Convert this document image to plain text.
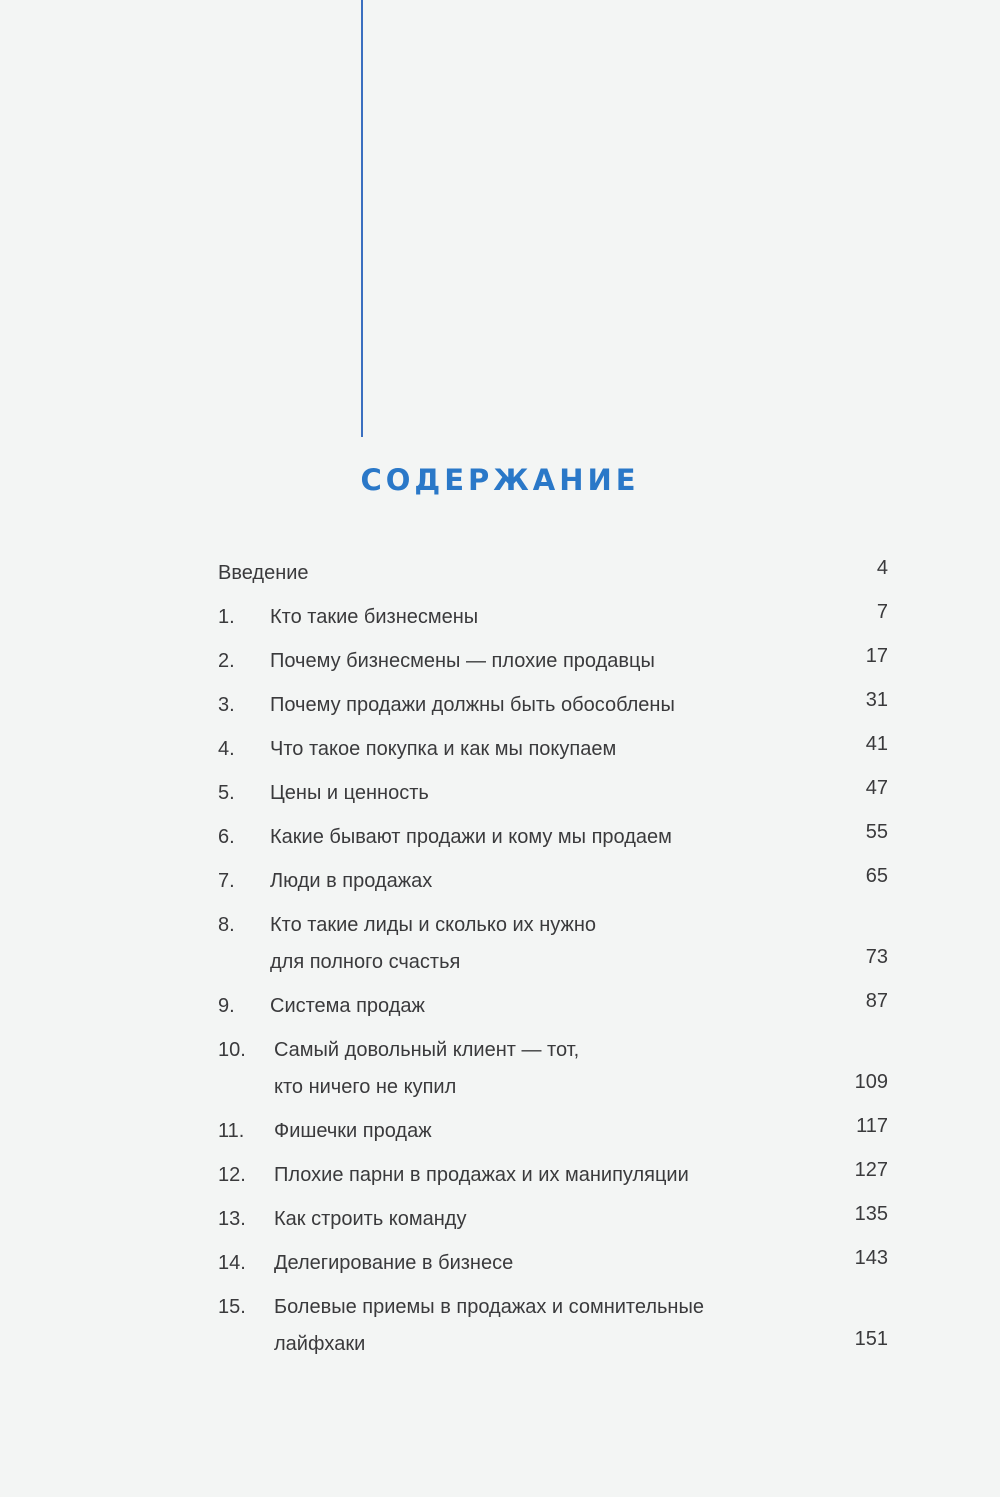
СОДЕРЖАНИЕ
Введение	4
1.	Кто такие бизнесмены	7
2.	Почему бизнесмены — плохие продавцы	17
3.	Почему продажи должны быть обособлены	31
4.	Что такое покупка и как мы покупаем	41
5.	Цены и ценность	47
6.	Какие бывают продажи и кому мы продаем	55
7.	Люди в продажах	65
8.	Кто такие лиды и сколько их нужно
для полного счастья	73
9.	Система продаж	87
10.	Самый довольный клиент — тот,
кто ничего не купил	109
11.	Фишечки продаж	117
12.	Плохие парни в продажах и их манипуляции	127
13.	Как строить команду	135
14.	Делегирование в бизнесе	143
15.	Болевые приемы в продажах и сомнительные
лайфхаки	151
